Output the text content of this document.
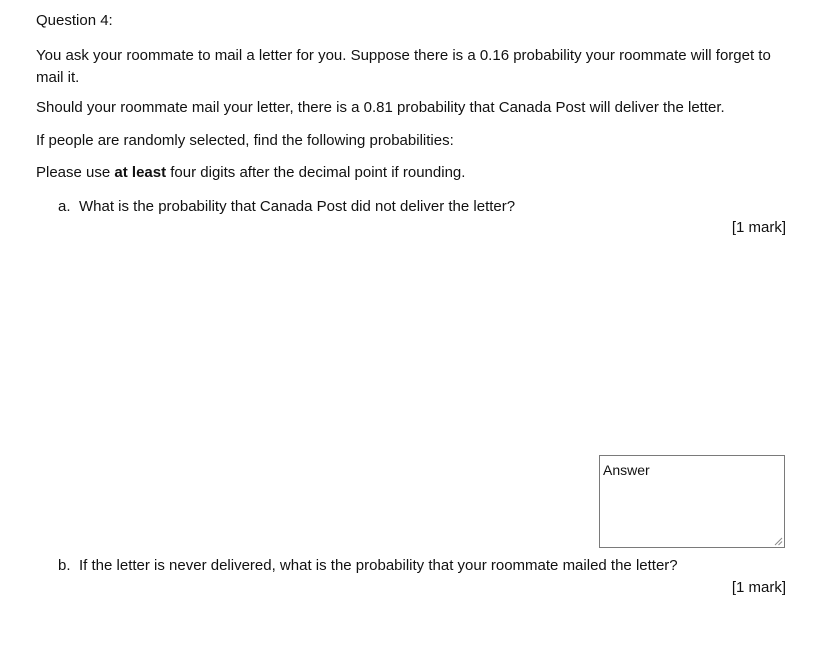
Question 4:
You ask your roommate to mail a letter for you. Suppose there is a 0.16 probability your roommate will forget to mail it.
Should your roommate mail your letter, there is a 0.81 probability that Canada Post will deliver the letter.
If people are randomly selected, find the following probabilities:
Please use at least four digits after the decimal point if rounding.
a. What is the probability that Canada Post did not deliver the letter?
[1 mark]
Answer
b. If the letter is never delivered, what is the probability that your roommate mailed the letter?
[1 mark]
